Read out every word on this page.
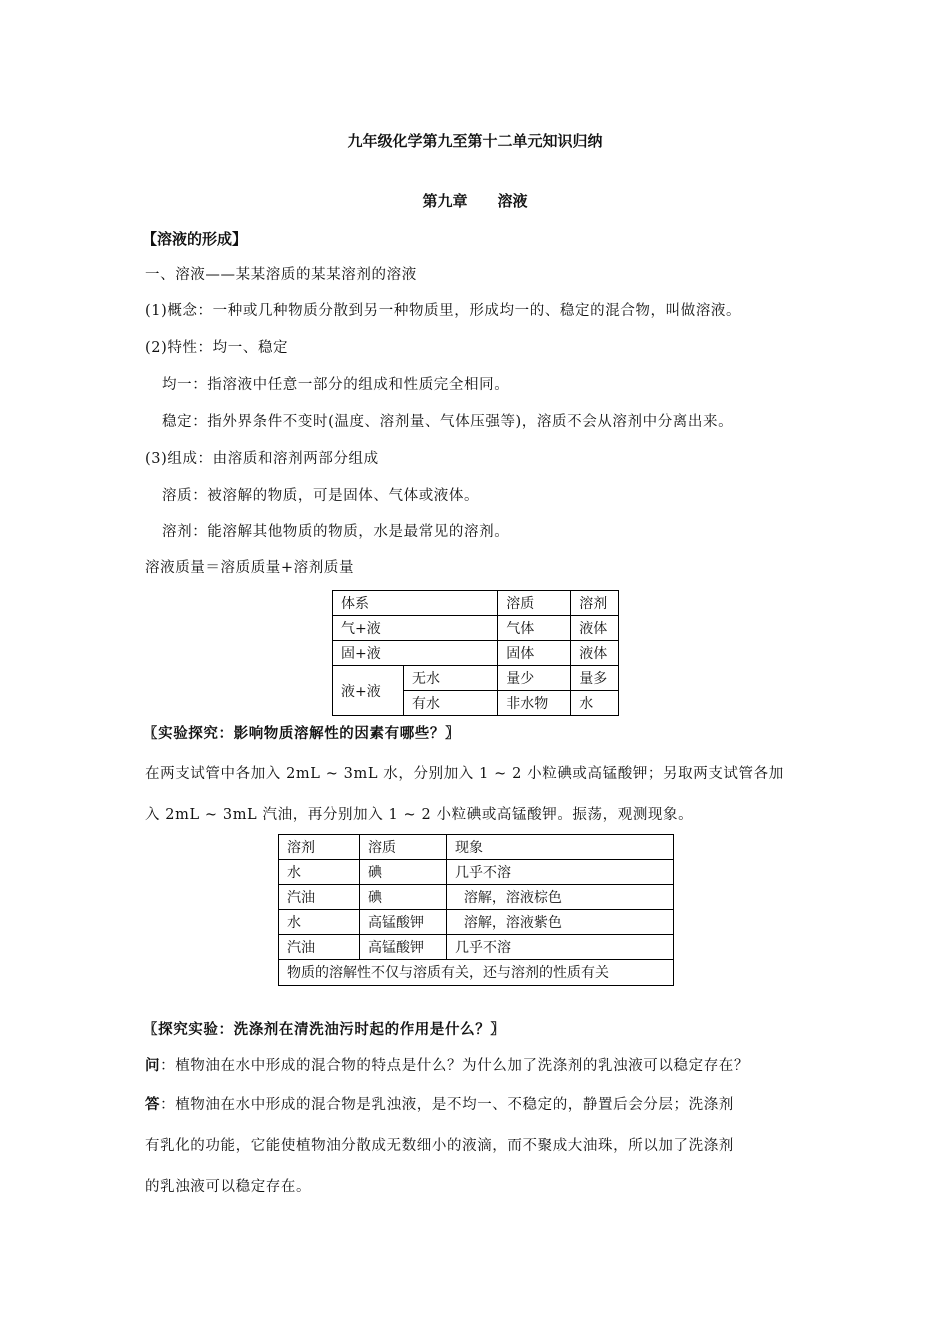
九年级化学第九至第十二单元知识归纳
第九章　　溶液
【溶液的形成】
一、溶液——某某溶质的某某溶剂的溶液
(1)概念：一种或几种物质分散到另一种物质里，形成均一的、稳定的混合物，叫做溶液。
(2)特性：均一、稳定
均一：指溶液中任意一部分的组成和性质完全相同。
稳定：指外界条件不变时(温度、溶剂量、气体压强等)，溶质不会从溶剂中分离出来。
(3)组成：由溶质和溶剂两部分组成
溶质：被溶解的物质，可是固体、气体或液体。
溶剂：能溶解其他物质的物质，水是最常见的溶剂。
溶液质量＝溶质质量+溶剂质量
体系		溶质	溶剂
气+液		气体	液体
固+液		固体	液体
液+液	无水	量少	量多
	有水	非水物	水
〖实验探究：影响物质溶解性的因素有哪些？〗
在两支试管中各加入 2mL ~ 3mL 水，分别加入 1 ~ 2 小粒碘或高锰酸钾；另取两支试管各加
入 2mL ~ 3mL 汽油，再分别加入 1 ~ 2 小粒碘或高锰酸钾。振荡，观测现象。
溶剂	溶质	现象
水	碘	几乎不溶
汽油	碘	溶解，溶液棕色
水	高锰酸钾	溶解，溶液紫色
汽油	高锰酸钾	几乎不溶
物质的溶解性不仅与溶质有关，还与溶剂的性质有关		
〖探究实验：洗涤剂在清洗油污时起的作用是什么？〗
问：植物油在水中形成的混合物的特点是什么？为什么加了洗涤剂的乳浊液可以稳定存在？
答：植物油在水中形成的混合物是乳浊液，是不均一、不稳定的，静置后会分层；洗涤剂
有乳化的功能，它能使植物油分散成无数细小的液滴，而不聚成大油珠，所以加了洗涤剂
的乳浊液可以稳定存在。
